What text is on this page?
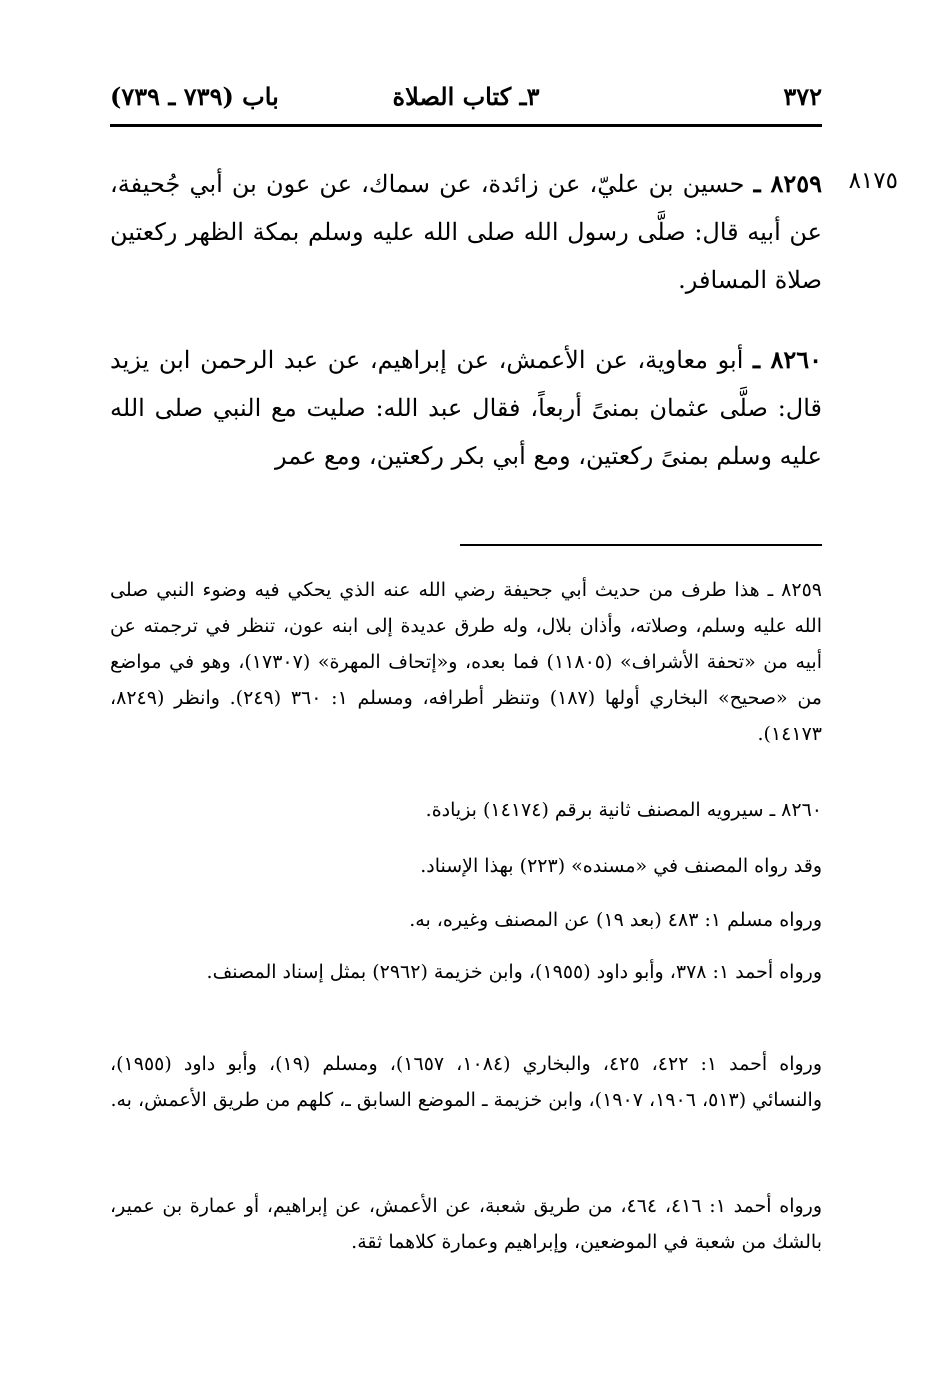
٣٧٢
٣ـ كتاب الصلاة
باب (٧٣٩ ـ ٧٣٩)
٨١٧٥
٨٢٥٩ ـ حسين بن عليّ، عن زائدة، عن سماك، عن عون بن أبي جُحيفة، عن أبيه قال: صلَّى رسول الله صلى الله عليه وسلم بمكة الظهر ركعتين صلاة المسافر.
٨٢٦٠ ـ أبو معاوية، عن الأعمش، عن إبراهيم، عن عبد الرحمن ابن يزيد قال: صلَّى عثمان بمنىً أربعاً، فقال عبد الله: صليت مع النبي صلى الله عليه وسلم بمنىً ركعتين، ومع أبي بكر ركعتين، ومع عمر

٨٢٥٩ ـ هذا طرف من حديث أبي جحيفة رضي الله عنه الذي يحكي فيه وضوء النبي صلى الله عليه وسلم، وصلاته، وأذان بلال، وله طرق عديدة إلى ابنه عون، تنظر في ترجمته عن أبيه من «تحفة الأشراف» (١١٨٠٥) فما بعده، و«إتحاف المهرة» (١٧٣٠٧)، وهو في مواضع من «صحيح» البخاري أولها (١٨٧) وتنظر أطرافه، ومسلم ١: ٣٦٠ (٢٤٩). وانظر (٨٢٤٩، ١٤١٧٣).

٨٢٦٠ ـ سيرويه المصنف ثانية برقم (١٤١٧٤) بزيادة.

وقد رواه المصنف في «مسنده» (٢٢٣) بهذا الإسناد.

ورواه مسلم ١: ٤٨٣ (بعد ١٩) عن المصنف وغيره، به.

ورواه أحمد ١: ٣٧٨، وأبو داود (١٩٥٥)، وابن خزيمة (٢٩٦٢) بمثل إسناد المصنف.

ورواه أحمد ١: ٤٢٢، ٤٢٥، والبخاري (١٠٨٤، ١٦٥٧)، ومسلم (١٩)، وأبو داود (١٩٥٥)، والنسائي (٥١٣، ١٩٠٦، ١٩٠٧)، وابن خزيمة ـ الموضع السابق ـ، كلهم من طريق الأعمش، به.

ورواه أحمد ١: ٤١٦، ٤٦٤، من طريق شعبة، عن الأعمش، عن إبراهيم، أو عمارة بن عمير، بالشك من شعبة في الموضعين، وإبراهيم وعمارة كلاهما ثقة.
